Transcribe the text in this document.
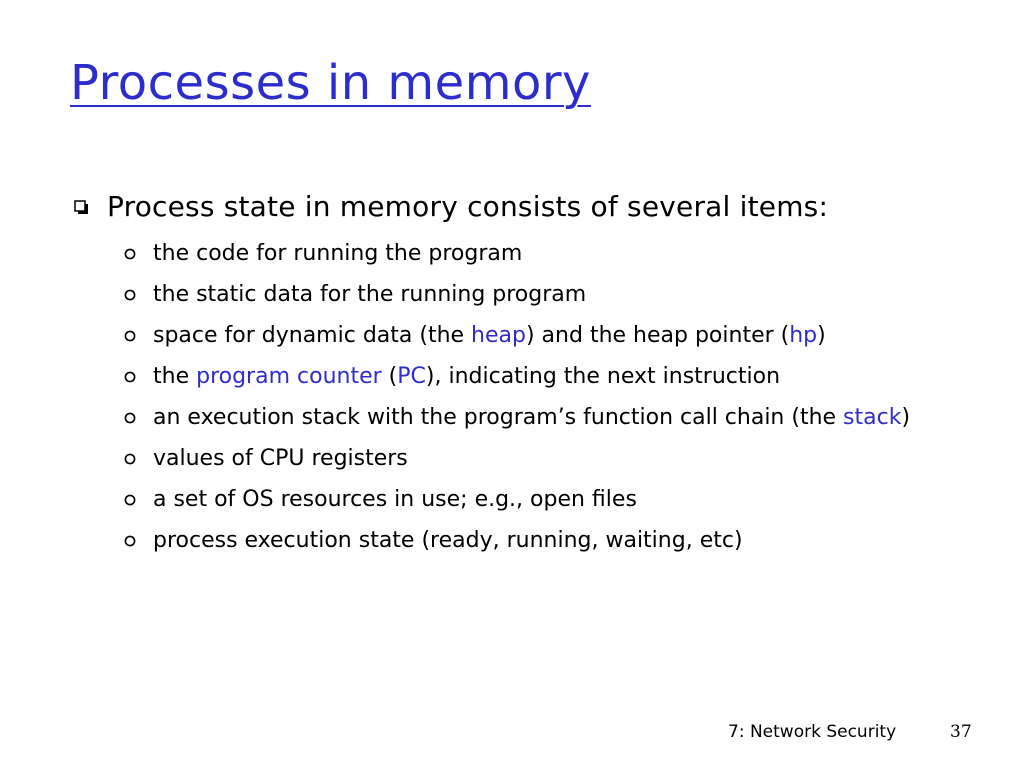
Processes in memory
Process state in memory consists of several items:
the code for running the program
the static data for the running program
space for dynamic data (the heap) and the heap pointer (hp)
the program counter (PC), indicating the next instruction
an execution stack with the program’s function call chain (the stack)
values of CPU registers
a set of OS resources in use; e.g., open files
process execution state (ready, running, waiting, etc)
7: Network Security	37
